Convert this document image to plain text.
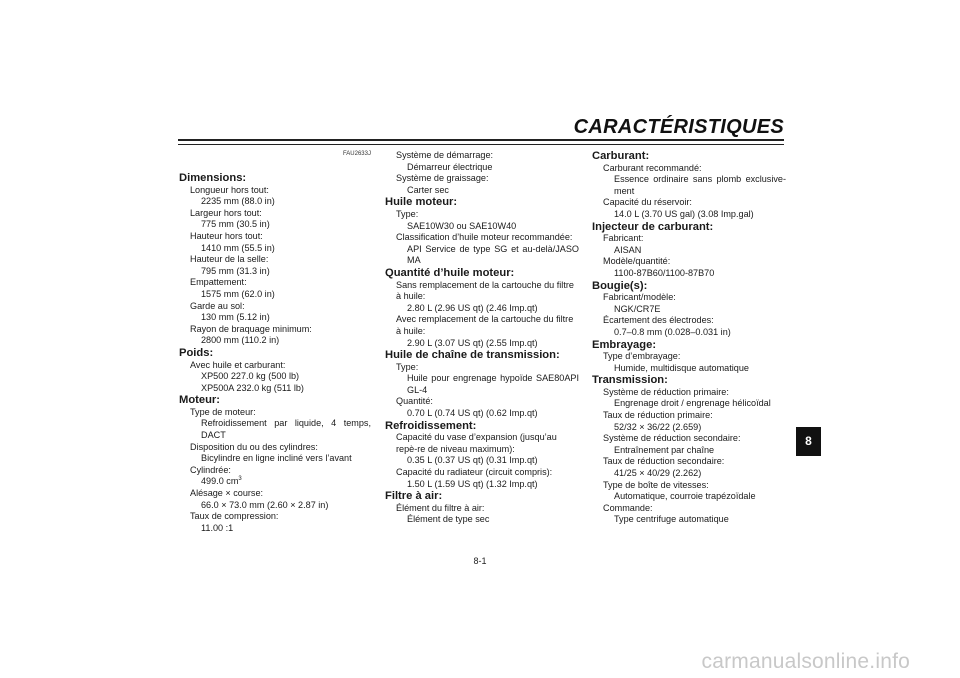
CARACTÉRISTIQUES
FAU2633J
Dimensions:
Longueur hors tout:
2235 mm (88.0 in)
Largeur hors tout:
775 mm (30.5 in)
Hauteur hors tout:
1410 mm (55.5 in)
Hauteur de la selle:
795 mm (31.3 in)
Empattement:
1575 mm (62.0 in)
Garde au sol:
130 mm (5.12 in)
Rayon de braquage minimum:
2800 mm (110.2 in)
Poids:
Avec huile et carburant:
XP500 227.0 kg (500 lb)
XP500A 232.0 kg (511 lb)
Moteur:
Type de moteur:
Refroidissement par liquide, 4 temps, DACT
Disposition du ou des cylindres:
Bicylindre en ligne incliné vers l’avant
Cylindrée:
499.0 $cm^3$
Alésage × course:
66.0 × 73.0 mm (2.60 × 2.87 in)
Taux de compression:
11.00 :1
Système de démarrage:
Démarreur électrique
Système de graissage:
Carter sec
Huile moteur:
Type:
SAE10W30 ou SAE10W40
Classification d’huile moteur recommandée:
API Service de type SG et au-delà/JASO MA
Quantité d’huile moteur:
Sans remplacement de la cartouche du filtre à huile:
2.80 L (2.96 US qt) (2.46 Imp.qt)
Avec remplacement de la cartouche du filtre à huile:
2.90 L (3.07 US qt) (2.55 Imp.qt)
Huile de chaîne de transmission:
Type:
Huile pour engrenage hypoïde SAE80API GL-4
Quantité:
0.70 L (0.74 US qt) (0.62 Imp.qt)
Refroidissement:
Capacité du vase d’expansion (jusqu’au repè-re de niveau maximum):
0.35 L (0.37 US qt) (0.31 Imp.qt)
Capacité du radiateur (circuit compris):
1.50 L (1.59 US qt) (1.32 Imp.qt)
Filtre à air:
Élément du filtre à air:
Élément de type sec
Carburant:
Carburant recommandé:
Essence ordinaire sans plomb exclusive-ment
Capacité du réservoir:
14.0 L (3.70 US gal) (3.08 Imp.gal)
Injecteur de carburant:
Fabricant:
AISAN
Modèle/quantité:
1100-87B60/1100-87B70
Bougie(s):
Fabricant/modèle:
NGK/CR7E
Écartement des électrodes:
0.7–0.8 mm (0.028–0.031 in)
Embrayage:
Type d’embrayage:
Humide, multidisque automatique
Transmission:
Système de réduction primaire:
Engrenage droit / engrenage hélicoïdal
Taux de réduction primaire:
52/32 × 36/22 (2.659)
Système de réduction secondaire:
Entraînement par chaîne
Taux de réduction secondaire:
41/25 × 40/29 (2.262)
Type de boîte de vitesses:
Automatique, courroie trapézoïdale
Commande:
Type centrifuge automatique
8
8-1
carmanualsonline.info
